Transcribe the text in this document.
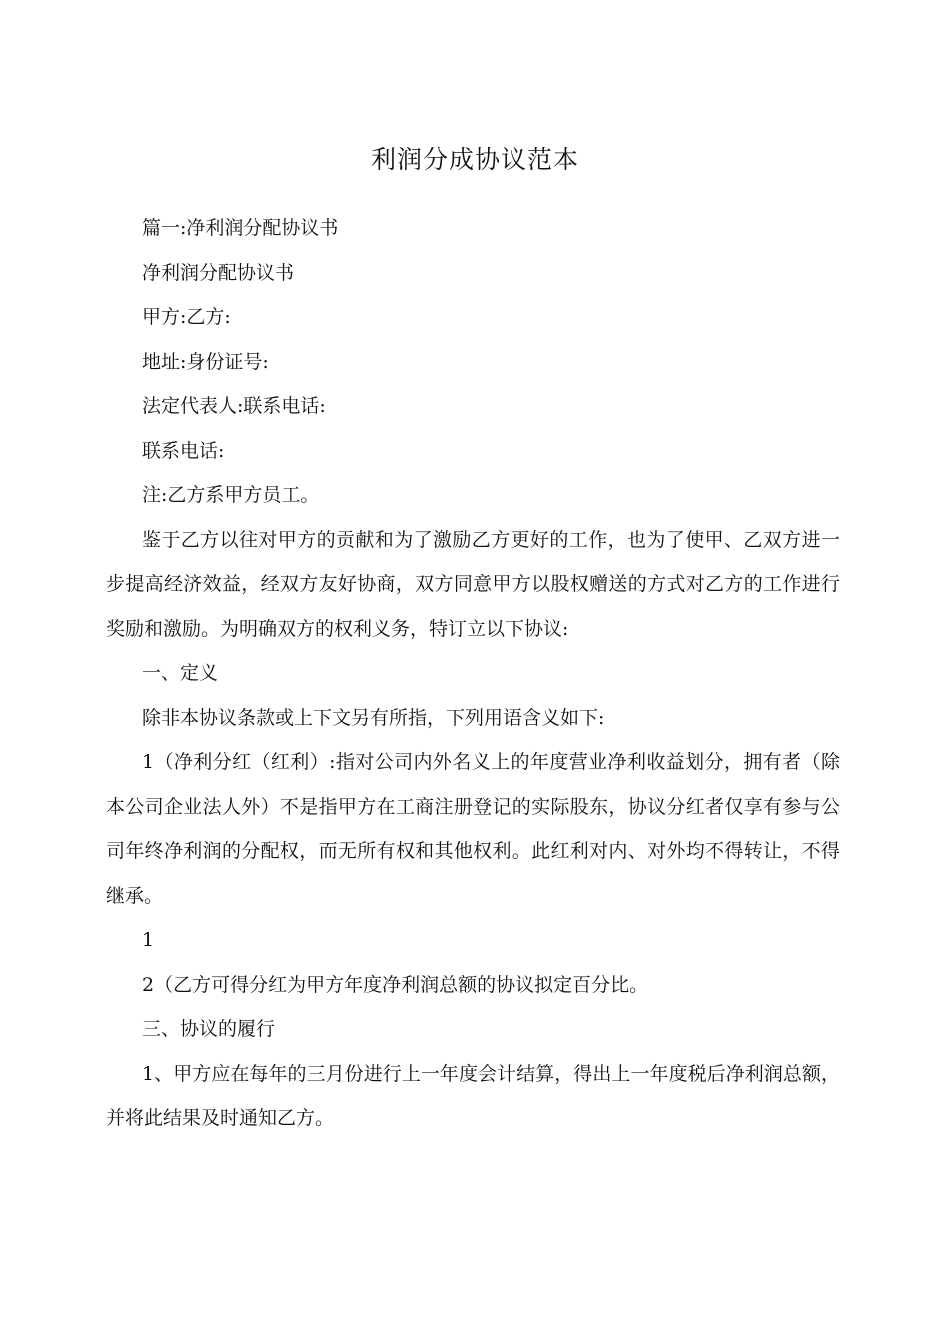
利润分成协议范本

篇一:净利润分配协议书

净利润分配协议书

甲方:乙方:

地址:身份证号:

法定代表人:联系电话:

联系电话:

注:乙方系甲方员工。

鉴于乙方以往对甲方的贡献和为了激励乙方更好的工作，也为了使甲、乙双方进一步提高经济效益，经双方友好协商，双方同意甲方以股权赠送的方式对乙方的工作进行奖励和激励。为明确双方的权利义务，特订立以下协议:

一、定义

除非本协议条款或上下文另有所指，下列用语含义如下:

1（净利分红（红利）:指对公司内外名义上的年度营业净利收益划分，拥有者（除本公司企业法人外）不是指甲方在工商注册登记的实际股东，协议分红者仅享有参与公司年终净利润的分配权，而无所有权和其他权利。此红利对内、对外均不得转让，不得继承。

1

2（乙方可得分红为甲方年度净利润总额的协议拟定百分比。

三、协议的履行

1、甲方应在每年的三月份进行上一年度会计结算，得出上一年度税后净利润总额，并将此结果及时通知乙方。
